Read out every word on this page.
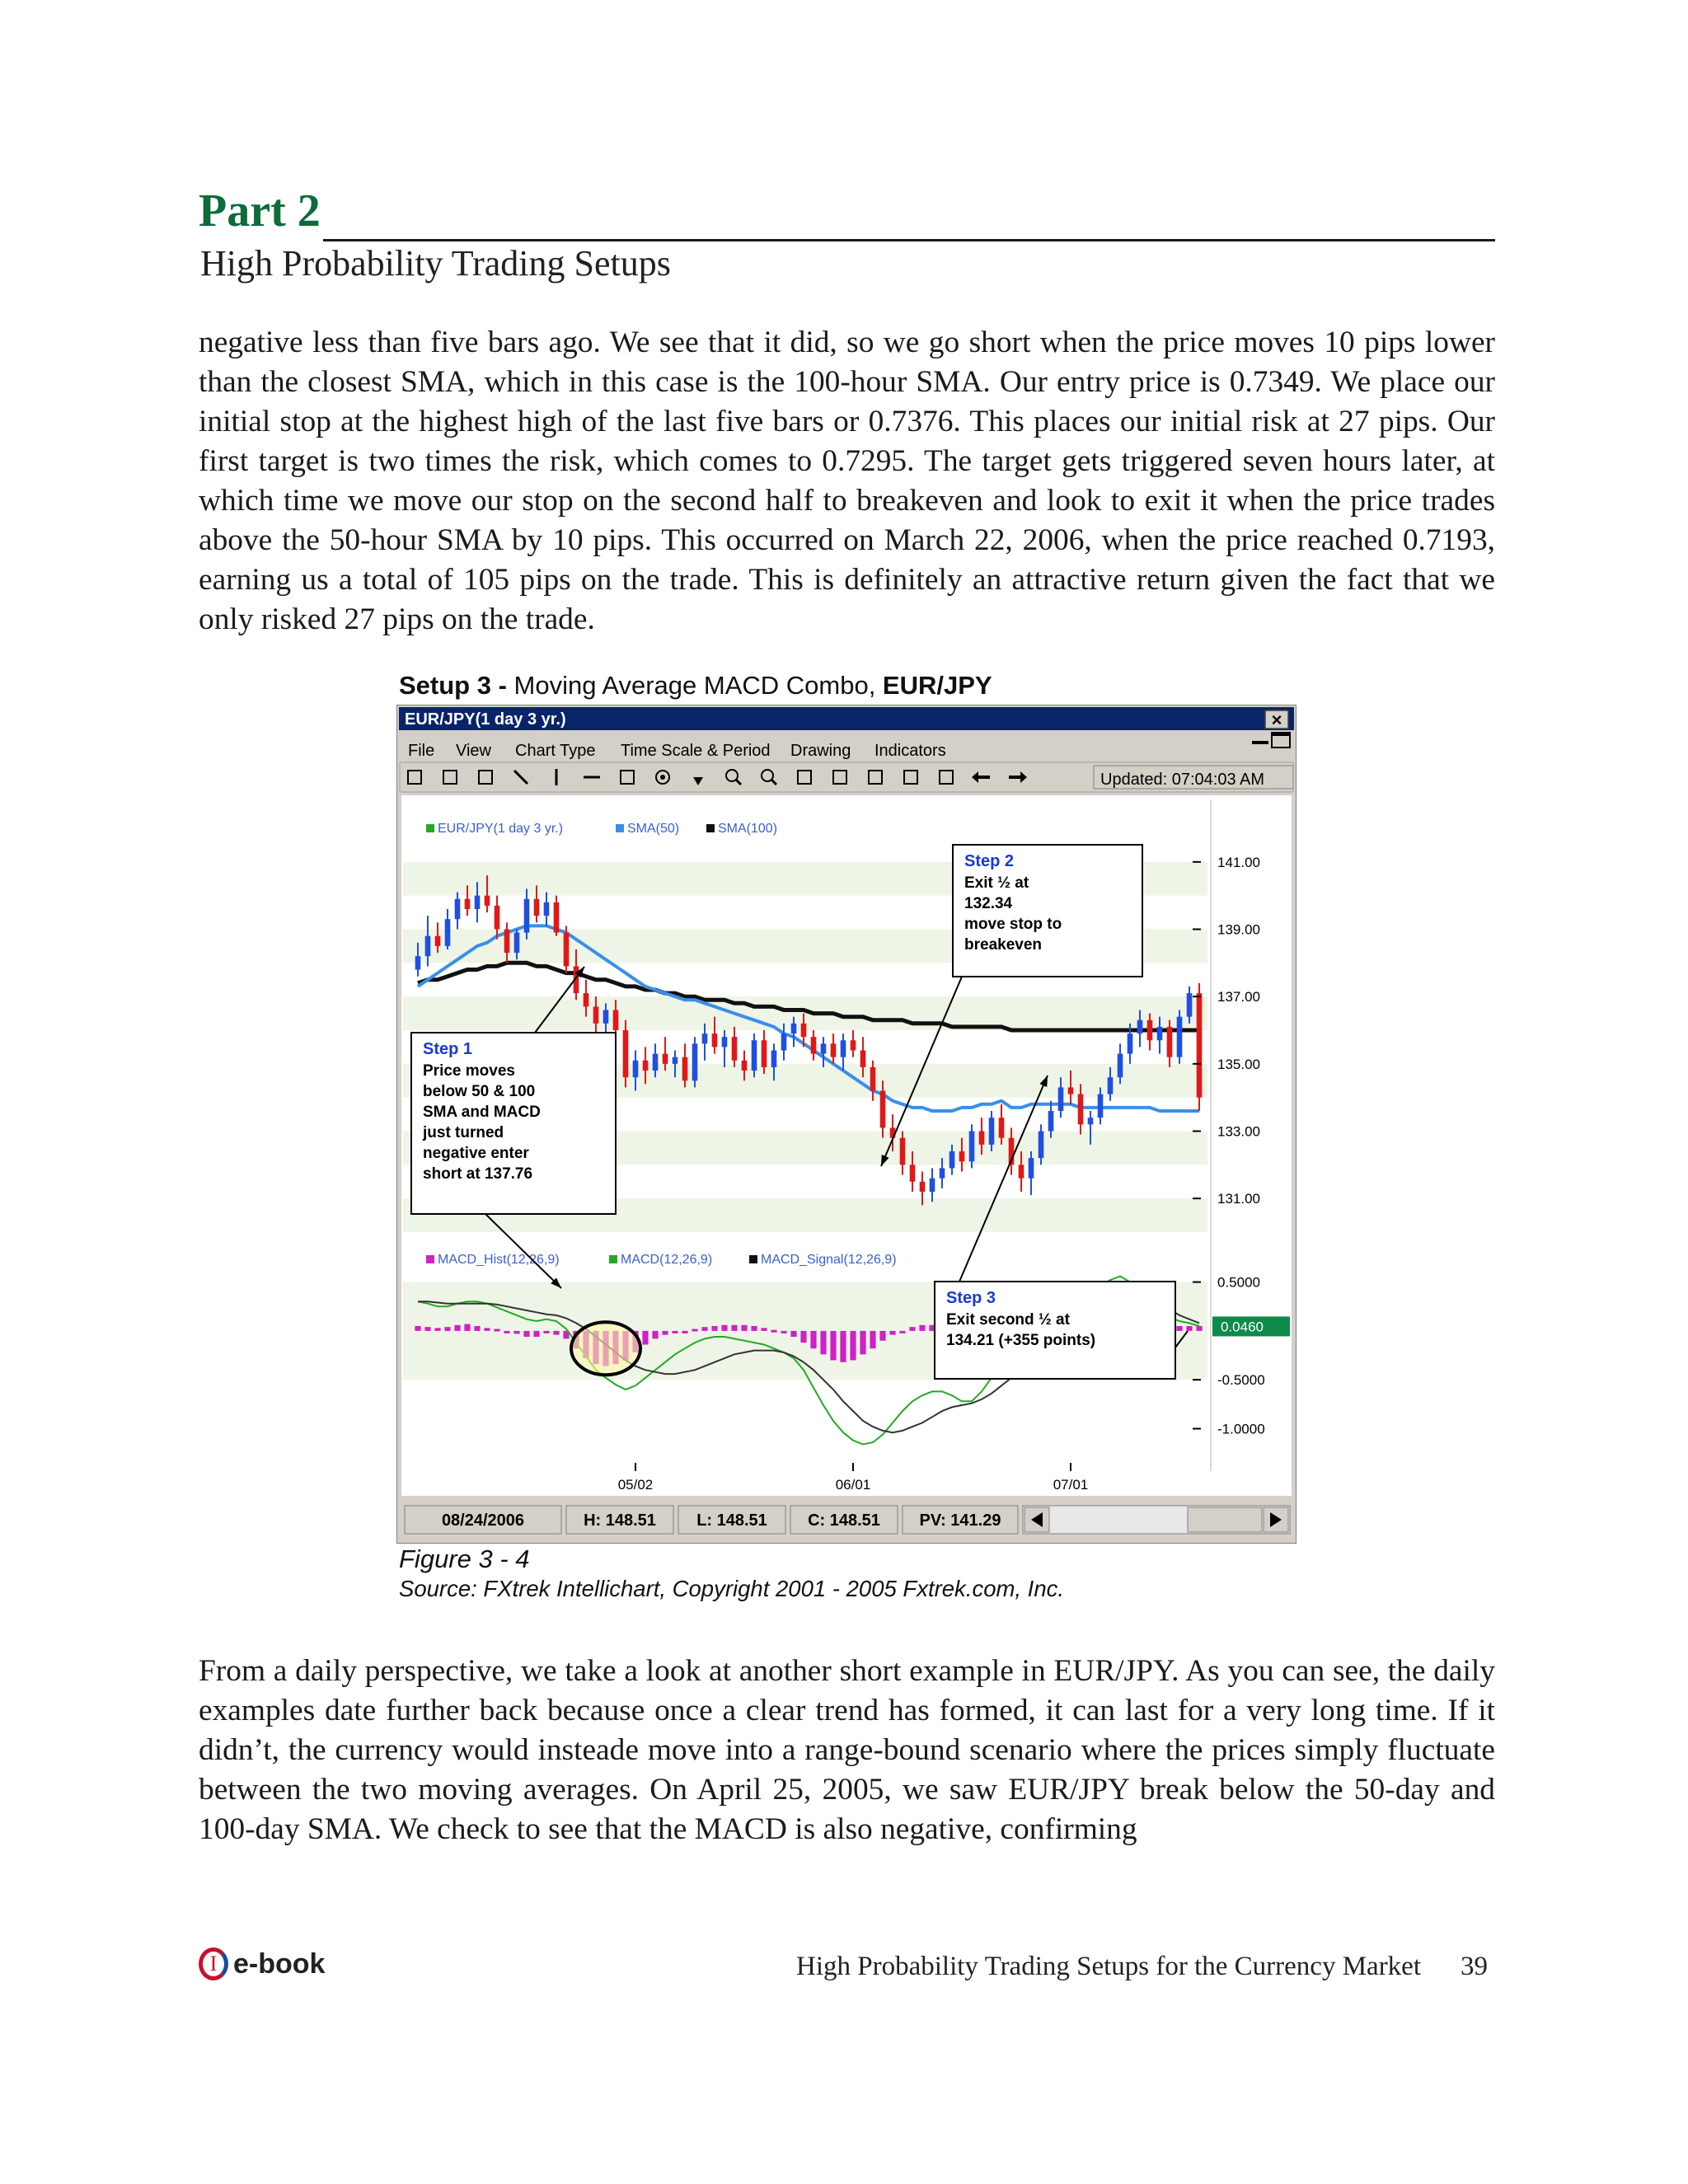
Part 2
High Probability Trading Setups

negative less than five bars ago. We see that it did, so we go short when the price moves 10 pips lower than the closest SMA, which in this case is the 100-hour SMA. Our entry price is 0.7349. We place our initial stop at the highest high of the last five bars or 0.7376. This places our initial risk at 27 pips. Our first target is two times the risk, which comes to 0.7295. The target gets triggered seven hours later, at which time we move our stop on the second half to breakeven and look to exit it when the price trades above the 50-hour SMA by 10 pips. This occurred on March 22, 2006, when the price reached 0.7193, earning us a total of 105 pips on the trade. This is definitely an attractive return given the fact that we only risked 27 pips on the trade.

Setup 3 - Moving Average MACD Combo, EUR/JPY
EUR/JPY(1 day 3 yr.)	×
File View Chart Type Time Scale & Period Drawing Indicators
Updated: 07:04:03 AM
EUR/JPY(1 day 3 yr.)	SMA(50)	SMA(100)
MACD_Hist(12,26,9)	MACD(12,26,9)	MACD_Signal(12,26,9)
141.00
139.00
137.00
135.00
133.00
131.00
0.5000
-0.5000
-1.0000
0.0460
05/02	06/01	07/01
Step 1
Price moves
below 50 & 100
SMA and MACD
just turned
negative enter
short at 137.76
Step 2
Exit ½ at
132.34
move stop to
breakeven
Step 3
Exit second ½ at
134.21 (+355 points)
08/24/2006	H: 148.51 L: 148.51 C: 148.51 PV: 141.29
Figure 3 - 4
Source: FXtrek Intellichart, Copyright 2001 - 2005 Fxtrek.com, Inc.

From a daily perspective, we take a look at another short example in EUR/JPY. As you can see, the daily examples date further back because once a clear trend has formed, it can last for a very long time. If it didn’t, the currency would insteade move into a range-bound scenario where the prices simply fluctuate between the two moving averages. On April 25, 2005, we saw EUR/JPY break below the 50-day and 100-day SMA. We check to see that the MACD is also negative, confirming

I e-book	High Probability Trading Setups for the Currency Market 39
